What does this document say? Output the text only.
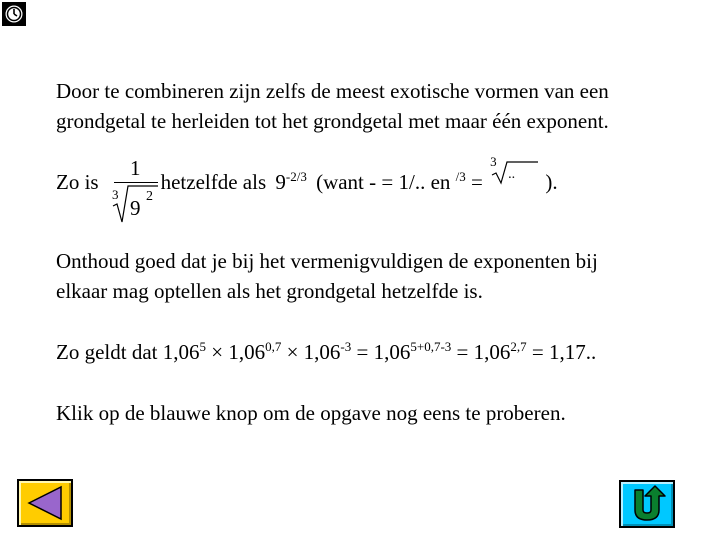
Door te combineren zijn zelfs de meest exotische vormen van een
grondgetal te herleiden tot het grondgetal met maar één exponent.
Zo is	hetzelfde als $9^{-2/3}$ (want - = 1/.. en $^{/3}$ =
3
.. ).
1
3
9 2
Onthoud goed dat je bij het vermenigvuldigen de exponenten bij
elkaar mag optellen als het grondgetal hetzelfde is.
Zo geldt dat $1,06^5 \times 1,06^{0,7} \times 1,06^{-3} = 1,06^{5+0,7-3} = 1,06^{2,7} = 1,17$..
Klik op de blauwe knop om de opgave nog eens te proberen.
